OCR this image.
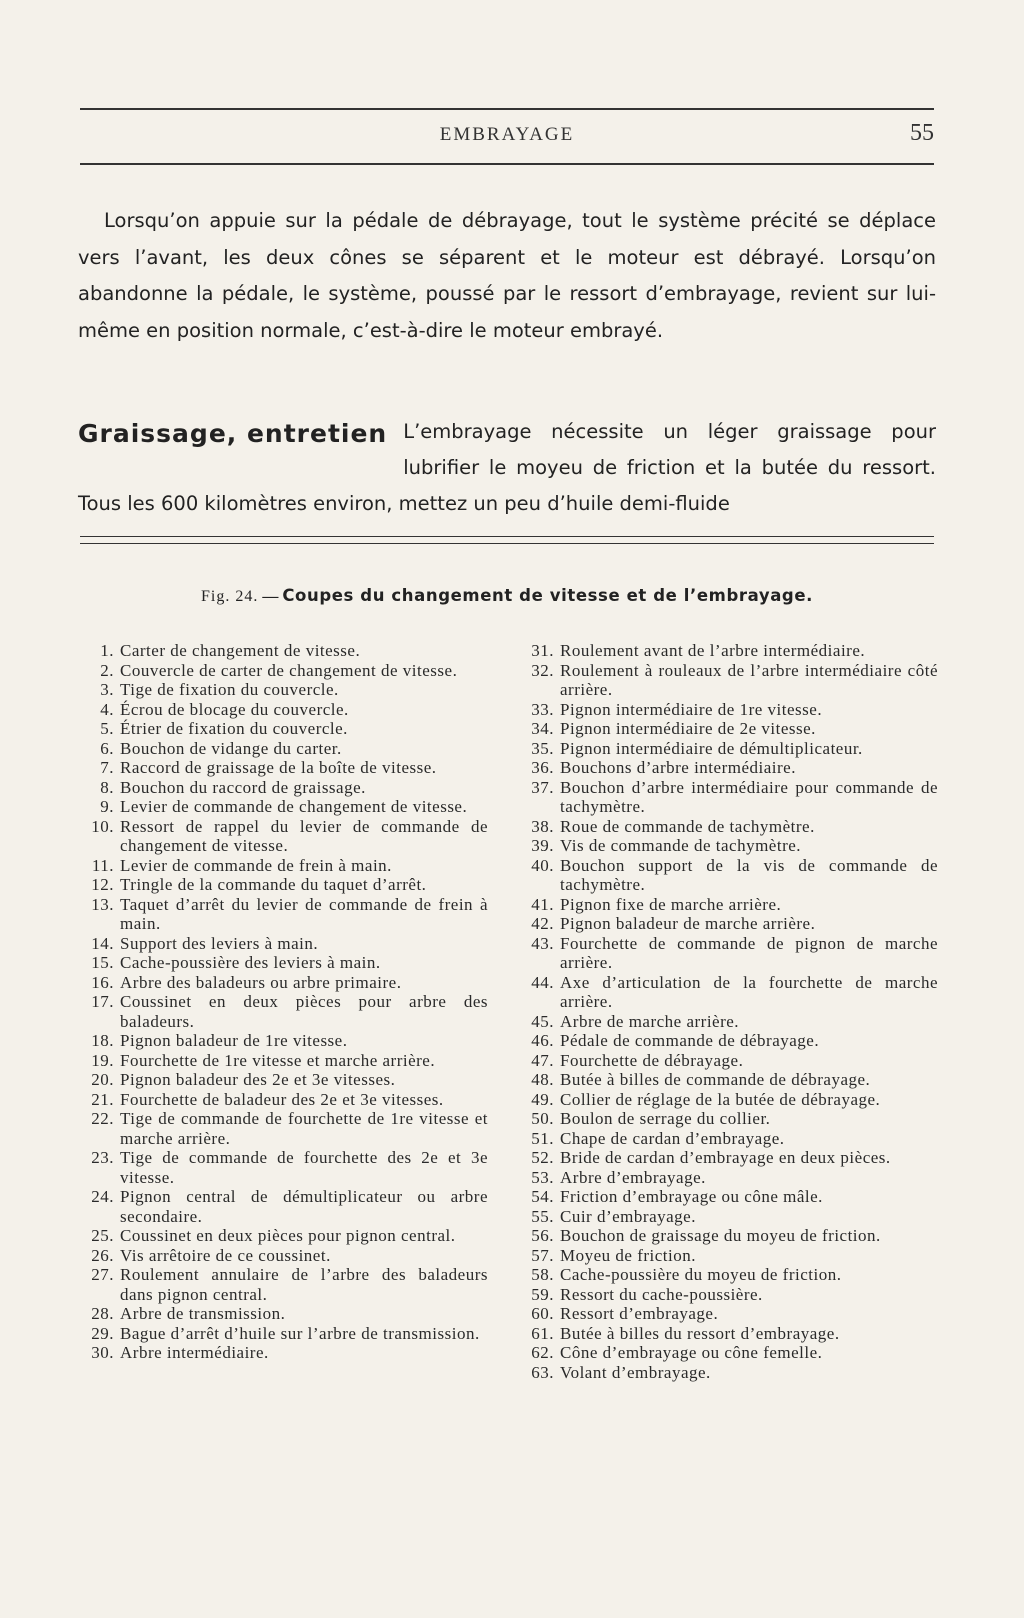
EMBRAYAGE	55

Lorsqu’on appuie sur la pédale de débrayage, tout le système précité se déplace vers l’avant, les deux cônes se séparent et le moteur est débrayé. Lorsqu’on abandonne la pédale, le système, poussé par le ressort d’embrayage, revient sur lui-même en position normale, c’est-à-dire le moteur embrayé.

Graissage, entretien L’embrayage nécessite un léger graissage pour lubrifier le moyeu de friction et la butée du ressort. Tous les 600 kilomètres environ, mettez un peu d’huile demi-fluide

Fig. 24. — Coupes du changement de vitesse et de l’embrayage.

1. Carter de changement de vitesse.
2. Couvercle de carter de changement de vitesse.
3. Tige de fixation du couvercle.
4. Écrou de blocage du couvercle.
5. Étrier de fixation du couvercle.
6. Bouchon de vidange du carter.
7. Raccord de graissage de la boîte de vitesse.
8. Bouchon du raccord de graissage.
9. Levier de commande de changement de vitesse.
10. Ressort de rappel du levier de commande de changement de vitesse.
11. Levier de commande de frein à main.
12. Tringle de la commande du taquet d’arrêt.
13. Taquet d’arrêt du levier de commande de frein à main.
14. Support des leviers à main.
15. Cache-poussière des leviers à main.
16. Arbre des baladeurs ou arbre primaire.
17. Coussinet en deux pièces pour arbre des baladeurs.
18. Pignon baladeur de 1re vitesse.
19. Fourchette de 1re vitesse et marche arrière.
20. Pignon baladeur des 2e et 3e vitesses.
21. Fourchette de baladeur des 2e et 3e vitesses.
22. Tige de commande de fourchette de 1re vitesse et marche arrière.
23. Tige de commande de fourchette des 2e et 3e vitesse.
24. Pignon central de démultiplicateur ou arbre secondaire.
25. Coussinet en deux pièces pour pignon central.
26. Vis arrêtoire de ce coussinet.
27. Roulement annulaire de l’arbre des baladeurs dans pignon central.
28. Arbre de transmission.
29. Bague d’arrêt d’huile sur l’arbre de transmission.
30. Arbre intermédiaire.
31. Roulement avant de l’arbre intermédiaire.
32. Roulement à rouleaux de l’arbre intermédiaire côté arrière.
33. Pignon intermédiaire de 1re vitesse.
34. Pignon intermédiaire de 2e vitesse.
35. Pignon intermédiaire de démultiplicateur.
36. Bouchons d’arbre intermédiaire.
37. Bouchon d’arbre intermédiaire pour commande de tachymètre.
38. Roue de commande de tachymètre.
39. Vis de commande de tachymètre.
40. Bouchon support de la vis de commande de tachymètre.
41. Pignon fixe de marche arrière.
42. Pignon baladeur de marche arrière.
43. Fourchette de commande de pignon de marche arrière.
44. Axe d’articulation de la fourchette de marche arrière.
45. Arbre de marche arrière.
46. Pédale de commande de débrayage.
47. Fourchette de débrayage.
48. Butée à billes de commande de débrayage.
49. Collier de réglage de la butée de débrayage.
50. Boulon de serrage du collier.
51. Chape de cardan d’embrayage.
52. Bride de cardan d’embrayage en deux pièces.
53. Arbre d’embrayage.
54. Friction d’embrayage ou cône mâle.
55. Cuir d’embrayage.
56. Bouchon de graissage du moyeu de friction.
57. Moyeu de friction.
58. Cache-poussière du moyeu de friction.
59. Ressort du cache-poussière.
60. Ressort d’embrayage.
61. Butée à billes du ressort d’embrayage.
62. Cône d’embrayage ou cône femelle.
63. Volant d’embrayage.
